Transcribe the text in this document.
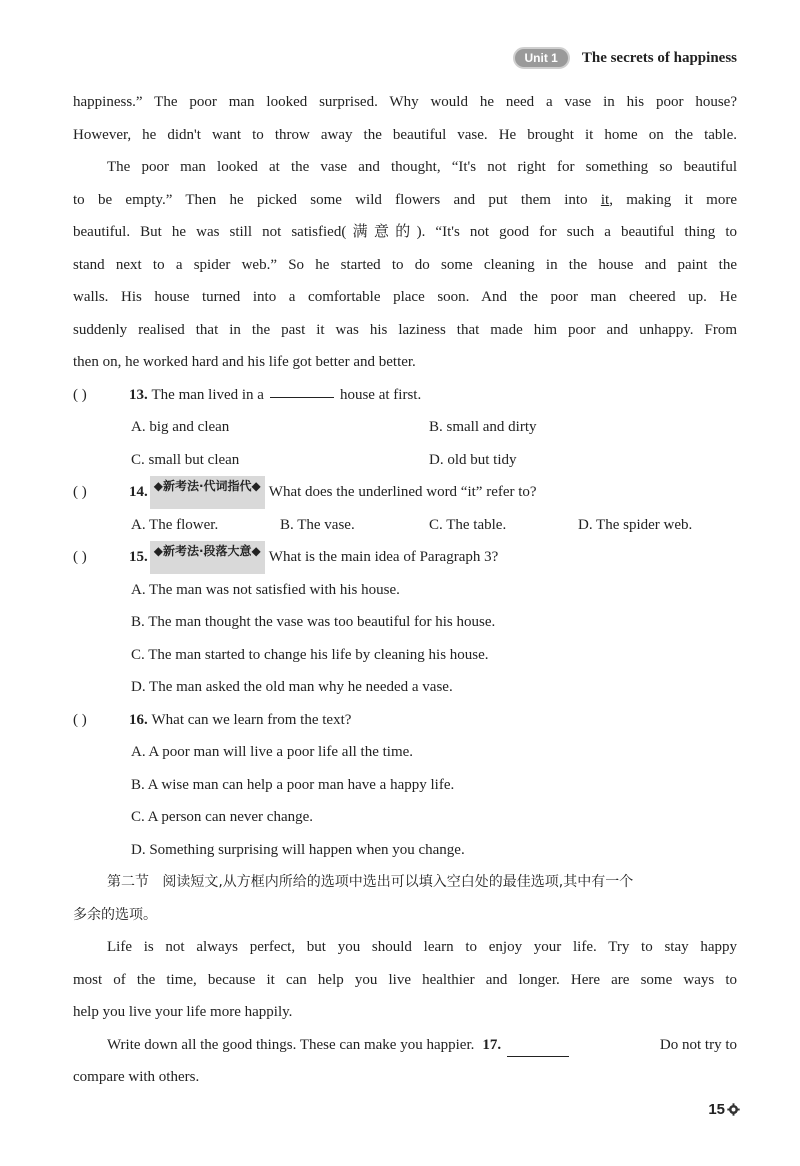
Unit 1	The secrets of happiness
happiness.” The poor man looked surprised. Why would he need a vase in his poor house?
However, he didn't want to throw away the beautiful vase. He brought it home on the table.
The poor man looked at the vase and thought, “It's not right for something so beautiful
to be empty.” Then he picked some wild flowers and put them into it, making it more
beautiful. But he was still not satisfied(满意的). “It's not good for such a beautiful thing to
stand next to a spider web.” So he started to do some cleaning in the house and paint the
walls. His house turned into a comfortable place soon. And the poor man cheered up. He
suddenly realised that in the past it was his laziness that made him poor and unhappy. From
then on, he worked hard and his life got better and better.
( )	13.
The man lived in a	house at first.
A. big and clean	B. small and dirty
C. small but clean	D. old but tidy
( )	14. ◆新考法·代词指代◆ What does the underlined word “it” refer to?
A. The flower.	B. The vase.	C. The table.	D. The spider web.
( )	15. ◆新考法·段落大意◆ What is the main idea of Paragraph 3?
A. The man was not satisfied with his house.
B. The man thought the vase was too beautiful for his house.
C. The man started to change his life by cleaning his house.
D. The man asked the old man why he needed a vase.
( )	16.
What can we learn from the text?
A. A poor man will live a poor life all the time.
B. A wise man can help a poor man have a happy life.
C. A person can never change.
D. Something surprising will happen when you change.
第二节 阅读短文,从方框内所给的选项中选出可以填入空白处的最佳选项,其中有一个
多余的选项。
Life is not always perfect, but you should learn to enjoy your life. Try to stay happy
most of the time, because it can help you live healthier and longer. Here are some ways to
help you live your life more happily.
Write down all the good things. These can make you happier. 17.	Do not try to
compare with others.
15
